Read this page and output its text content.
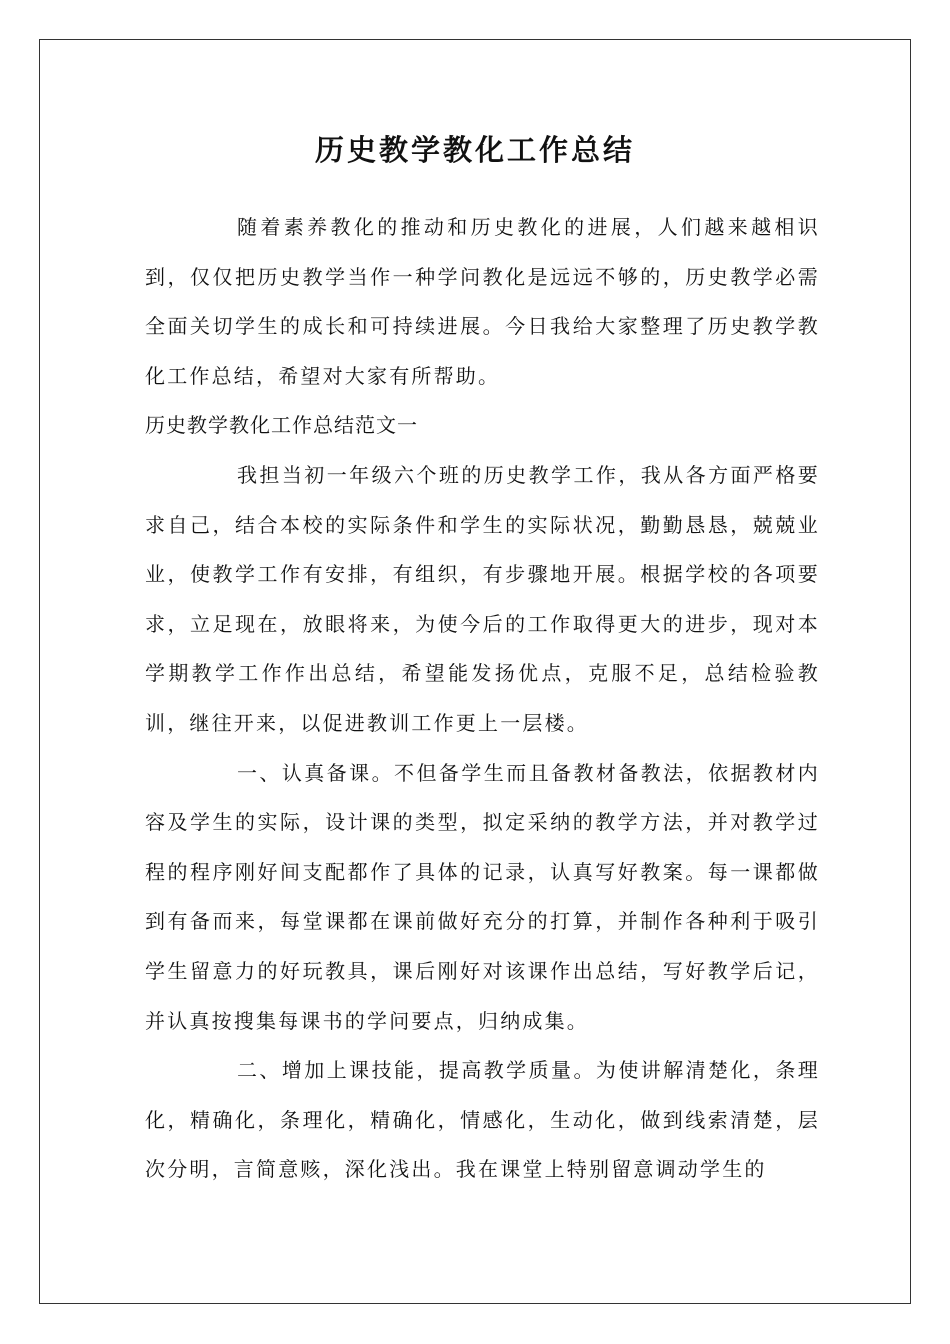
历史教学教化工作总结

随着素养教化的推动和历史教化的进展，人们越来越相识到，仅仅把历史教学当作一种学问教化是远远不够的，历史教学必需全面关切学生的成长和可持续进展。今日我给大家整理了历史教学教化工作总结，希望对大家有所帮助。

历史教学教化工作总结范文一

我担当初一年级六个班的历史教学工作，我从各方面严格要求自己，结合本校的实际条件和学生的实际状况，勤勤恳恳，兢兢业业，使教学工作有安排，有组织，有步骤地开展。根据学校的各项要求，立足现在，放眼将来，为使今后的工作取得更大的进步，现对本学期教学工作作出总结，希望能发扬优点，克服不足，总结检验教训，继往开来，以促进教训工作更上一层楼。

一、认真备课。不但备学生而且备教材备教法，依据教材内容及学生的实际，设计课的类型，拟定采纳的教学方法，并对教学过程的程序刚好间支配都作了具体的记录，认真写好教案。每一课都做到有备而来，每堂课都在课前做好充分的打算，并制作各种利于吸引学生留意力的好玩教具，课后刚好对该课作出总结，写好教学后记，并认真按搜集每课书的学问要点，归纳成集。

二、增加上课技能，提高教学质量。为使讲解清楚化，条理化，精确化，条理化，精确化，情感化，生动化，做到线索清楚，层次分明，言简意赅，深化浅出。我在课堂上特别留意调动学生的
